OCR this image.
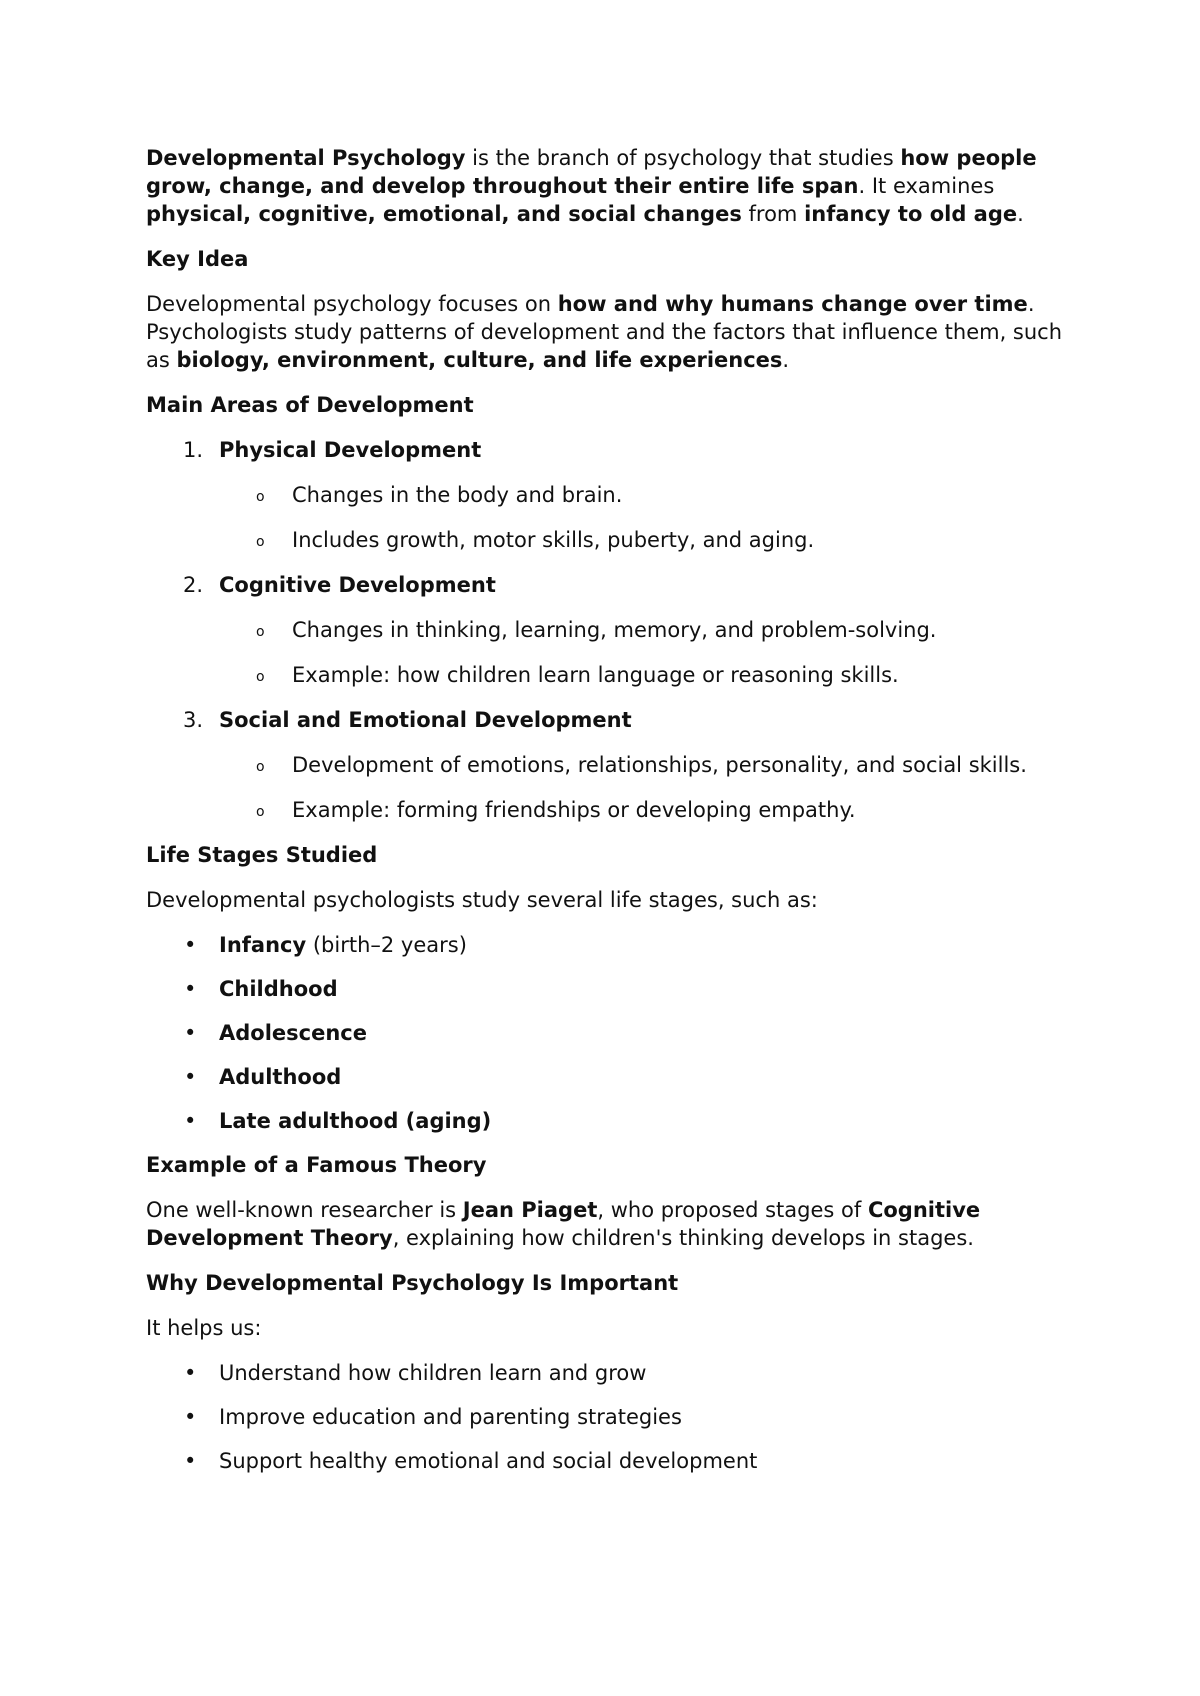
Developmental Psychology is the branch of psychology that studies how people grow, change, and develop throughout their entire life span. It examines physical, cognitive, emotional, and social changes from infancy to old age.

Key Idea

Developmental psychology focuses on how and why humans change over time. Psychologists study patterns of development and the factors that influence them, such as biology, environment, culture, and life experiences.

Main Areas of Development

1. Physical Development

o Changes in the body and brain.

o Includes growth, motor skills, puberty, and aging.

2. Cognitive Development

o Changes in thinking, learning, memory, and problem-solving.

o Example: how children learn language or reasoning skills.

3. Social and Emotional Development

o Development of emotions, relationships, personality, and social skills.

o Example: forming friendships or developing empathy.

Life Stages Studied

Developmental psychologists study several life stages, such as:

• Infancy (birth–2 years)

• Childhood

• Adolescence

• Adulthood

• Late adulthood (aging)

Example of a Famous Theory

One well-known researcher is Jean Piaget, who proposed stages of Cognitive Development Theory, explaining how children's thinking develops in stages.

Why Developmental Psychology Is Important

It helps us:

• Understand how children learn and grow

• Improve education and parenting strategies

• Support healthy emotional and social development
